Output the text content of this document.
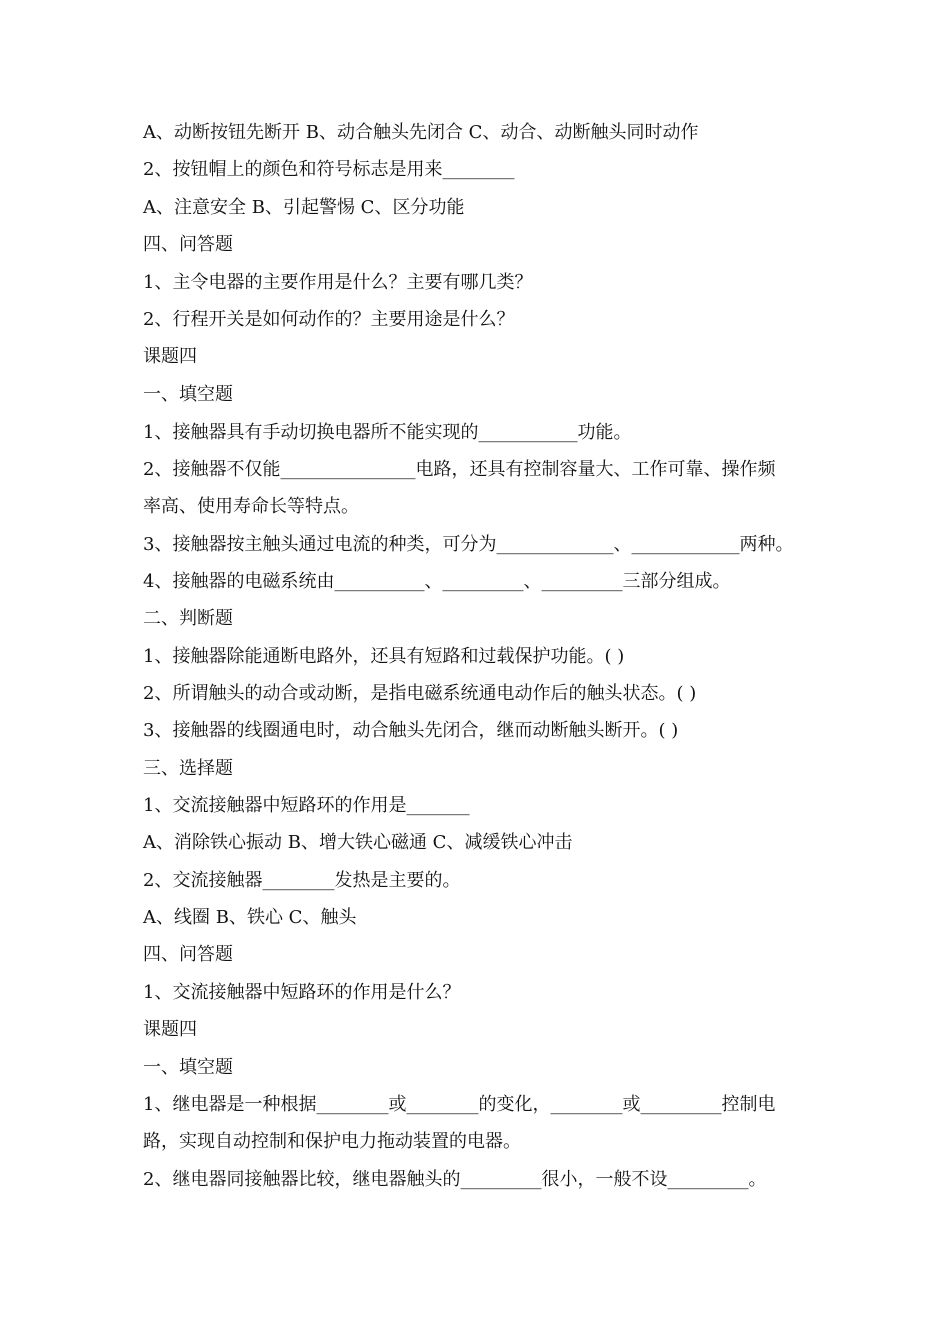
A、动断按钮先断开 B、动合触头先闭合 C、动合、动断触头同时动作
2、按钮帽上的颜色和符号标志是用来________
A、注意安全 B、引起警惕 C、区分功能
四、问答题
1、主令电器的主要作用是什么？主要有哪几类？
2、行程开关是如何动作的？主要用途是什么？
课题四
一、填空题
1、接触器具有手动切换电器所不能实现的___________功能。
2、接触器不仅能_______________电路，还具有控制容量大、工作可靠、操作频
率高、使用寿命长等特点。
3、接触器按主触头通过电流的种类，可分为_____________、____________两种。
4、接触器的电磁系统由__________、_________、_________三部分组成。
二、判断题
1、接触器除能通断电路外，还具有短路和过载保护功能。( )
2、所谓触头的动合或动断，是指电磁系统通电动作后的触头状态。( )
3、接触器的线圈通电时，动合触头先闭合，继而动断触头断开。( )
三、选择题
1、交流接触器中短路环的作用是_______
A、消除铁心振动 B、增大铁心磁通 C、减缓铁心冲击
2、交流接触器________发热是主要的。
A、线圈 B、铁心 C、触头
四、问答题
1、交流接触器中短路环的作用是什么？
课题四
一、填空题
1、继电器是一种根据________或________的变化，________或_________控制电
路，实现自动控制和保护电力拖动装置的电器。
2、继电器同接触器比较，继电器触头的_________很小，一般不设_________。
